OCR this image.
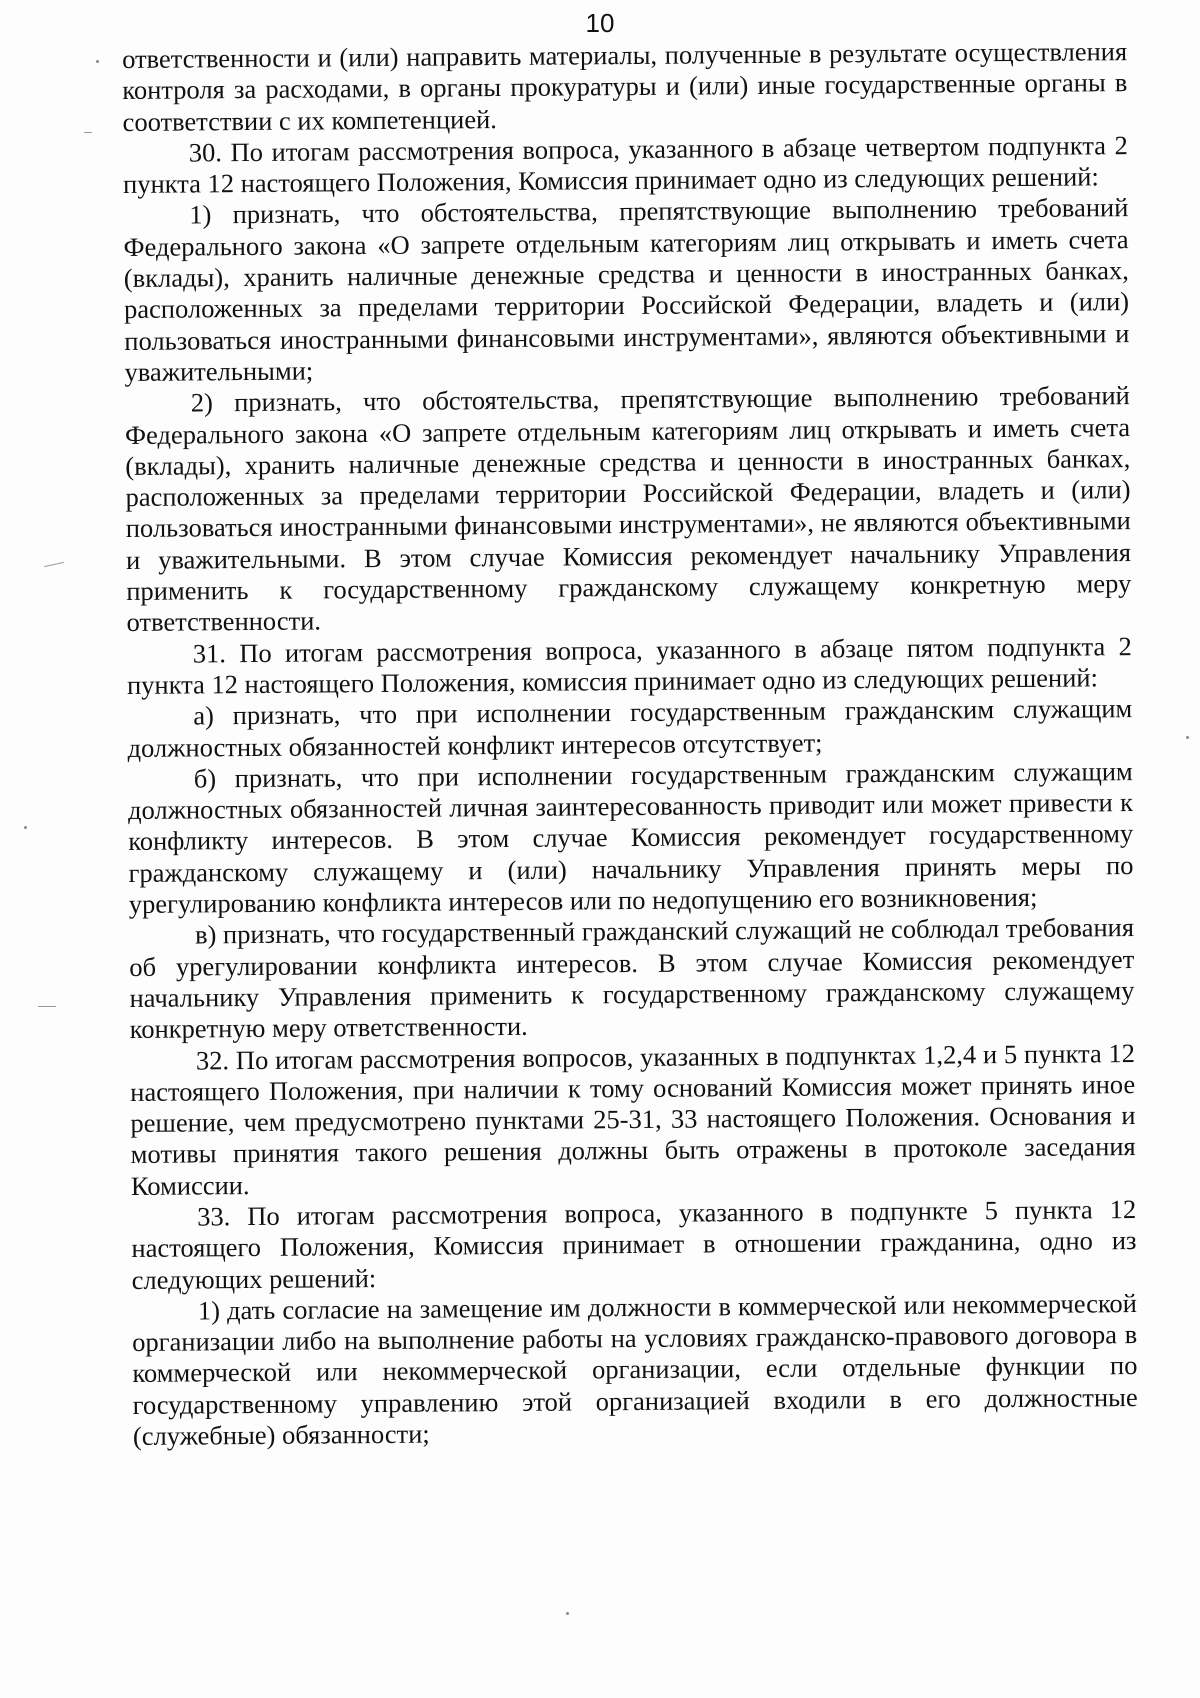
10

ответственности и (или) направить материалы, полученные в результате осуществления контроля за расходами, в органы прокуратуры и (или) иные государственные органы в соответствии с их компетенцией.

30. По итогам рассмотрения вопроса, указанного в абзаце четвертом подпункта 2 пункта 12 настоящего Положения, Комиссия принимает одно из следующих решений:

1) признать, что обстоятельства, препятствующие выполнению требований Федерального закона «О запрете отдельным категориям лиц открывать и иметь счета (вклады), хранить наличные денежные средства и ценности в иностранных банках, расположенных за пределами территории Российской Федерации, владеть и (или) пользоваться иностранными финансовыми инструментами», являются объективными и уважительными;

2) признать, что обстоятельства, препятствующие выполнению требований Федерального закона «О запрете отдельным категориям лиц открывать и иметь счета (вклады), хранить наличные денежные средства и ценности в иностранных банках, расположенных за пределами территории Российской Федерации, владеть и (или) пользоваться иностранными финансовыми инструментами», не являются объективными и уважительными. В этом случае Комиссия рекомендует начальнику Управления применить к государственному гражданскому служащему конкретную меру ответственности.

31. По итогам рассмотрения вопроса, указанного в абзаце пятом подпункта 2 пункта 12 настоящего Положения, комиссия принимает одно из следующих решений:

а) признать, что при исполнении государственным гражданским служащим должностных обязанностей конфликт интересов отсутствует;

б) признать, что при исполнении государственным гражданским служащим должностных обязанностей личная заинтересованность приводит или может привести к конфликту интересов. В этом случае Комиссия рекомендует государственному гражданскому служащему и (или) начальнику Управления принять меры по урегулированию конфликта интересов или по недопущению его возникновения;

в) признать, что государственный гражданский служащий не соблюдал требования об урегулировании конфликта интересов. В этом случае Комиссия рекомендует начальнику Управления применить к государственному гражданскому служащему конкретную меру ответственности.

32. По итогам рассмотрения вопросов, указанных в подпунктах 1,2,4 и 5 пункта 12 настоящего Положения, при наличии к тому оснований Комиссия может принять иное решение, чем предусмотрено пунктами 25-31, 33 настоящего Положения. Основания и мотивы принятия такого решения должны быть отражены в протоколе заседания Комиссии.

33. По итогам рассмотрения вопроса, указанного в подпункте 5 пункта 12 настоящего Положения, Комиссия принимает в отношении гражданина, одно из следующих решений:

1) дать согласие на замещение им должности в коммерческой или некоммерческой организации либо на выполнение работы на условиях гражданско-правового договора в коммерческой или некоммерческой организации, если отдельные функции по государственному управлению этой организацией входили в его должностные (служебные) обязанности;
